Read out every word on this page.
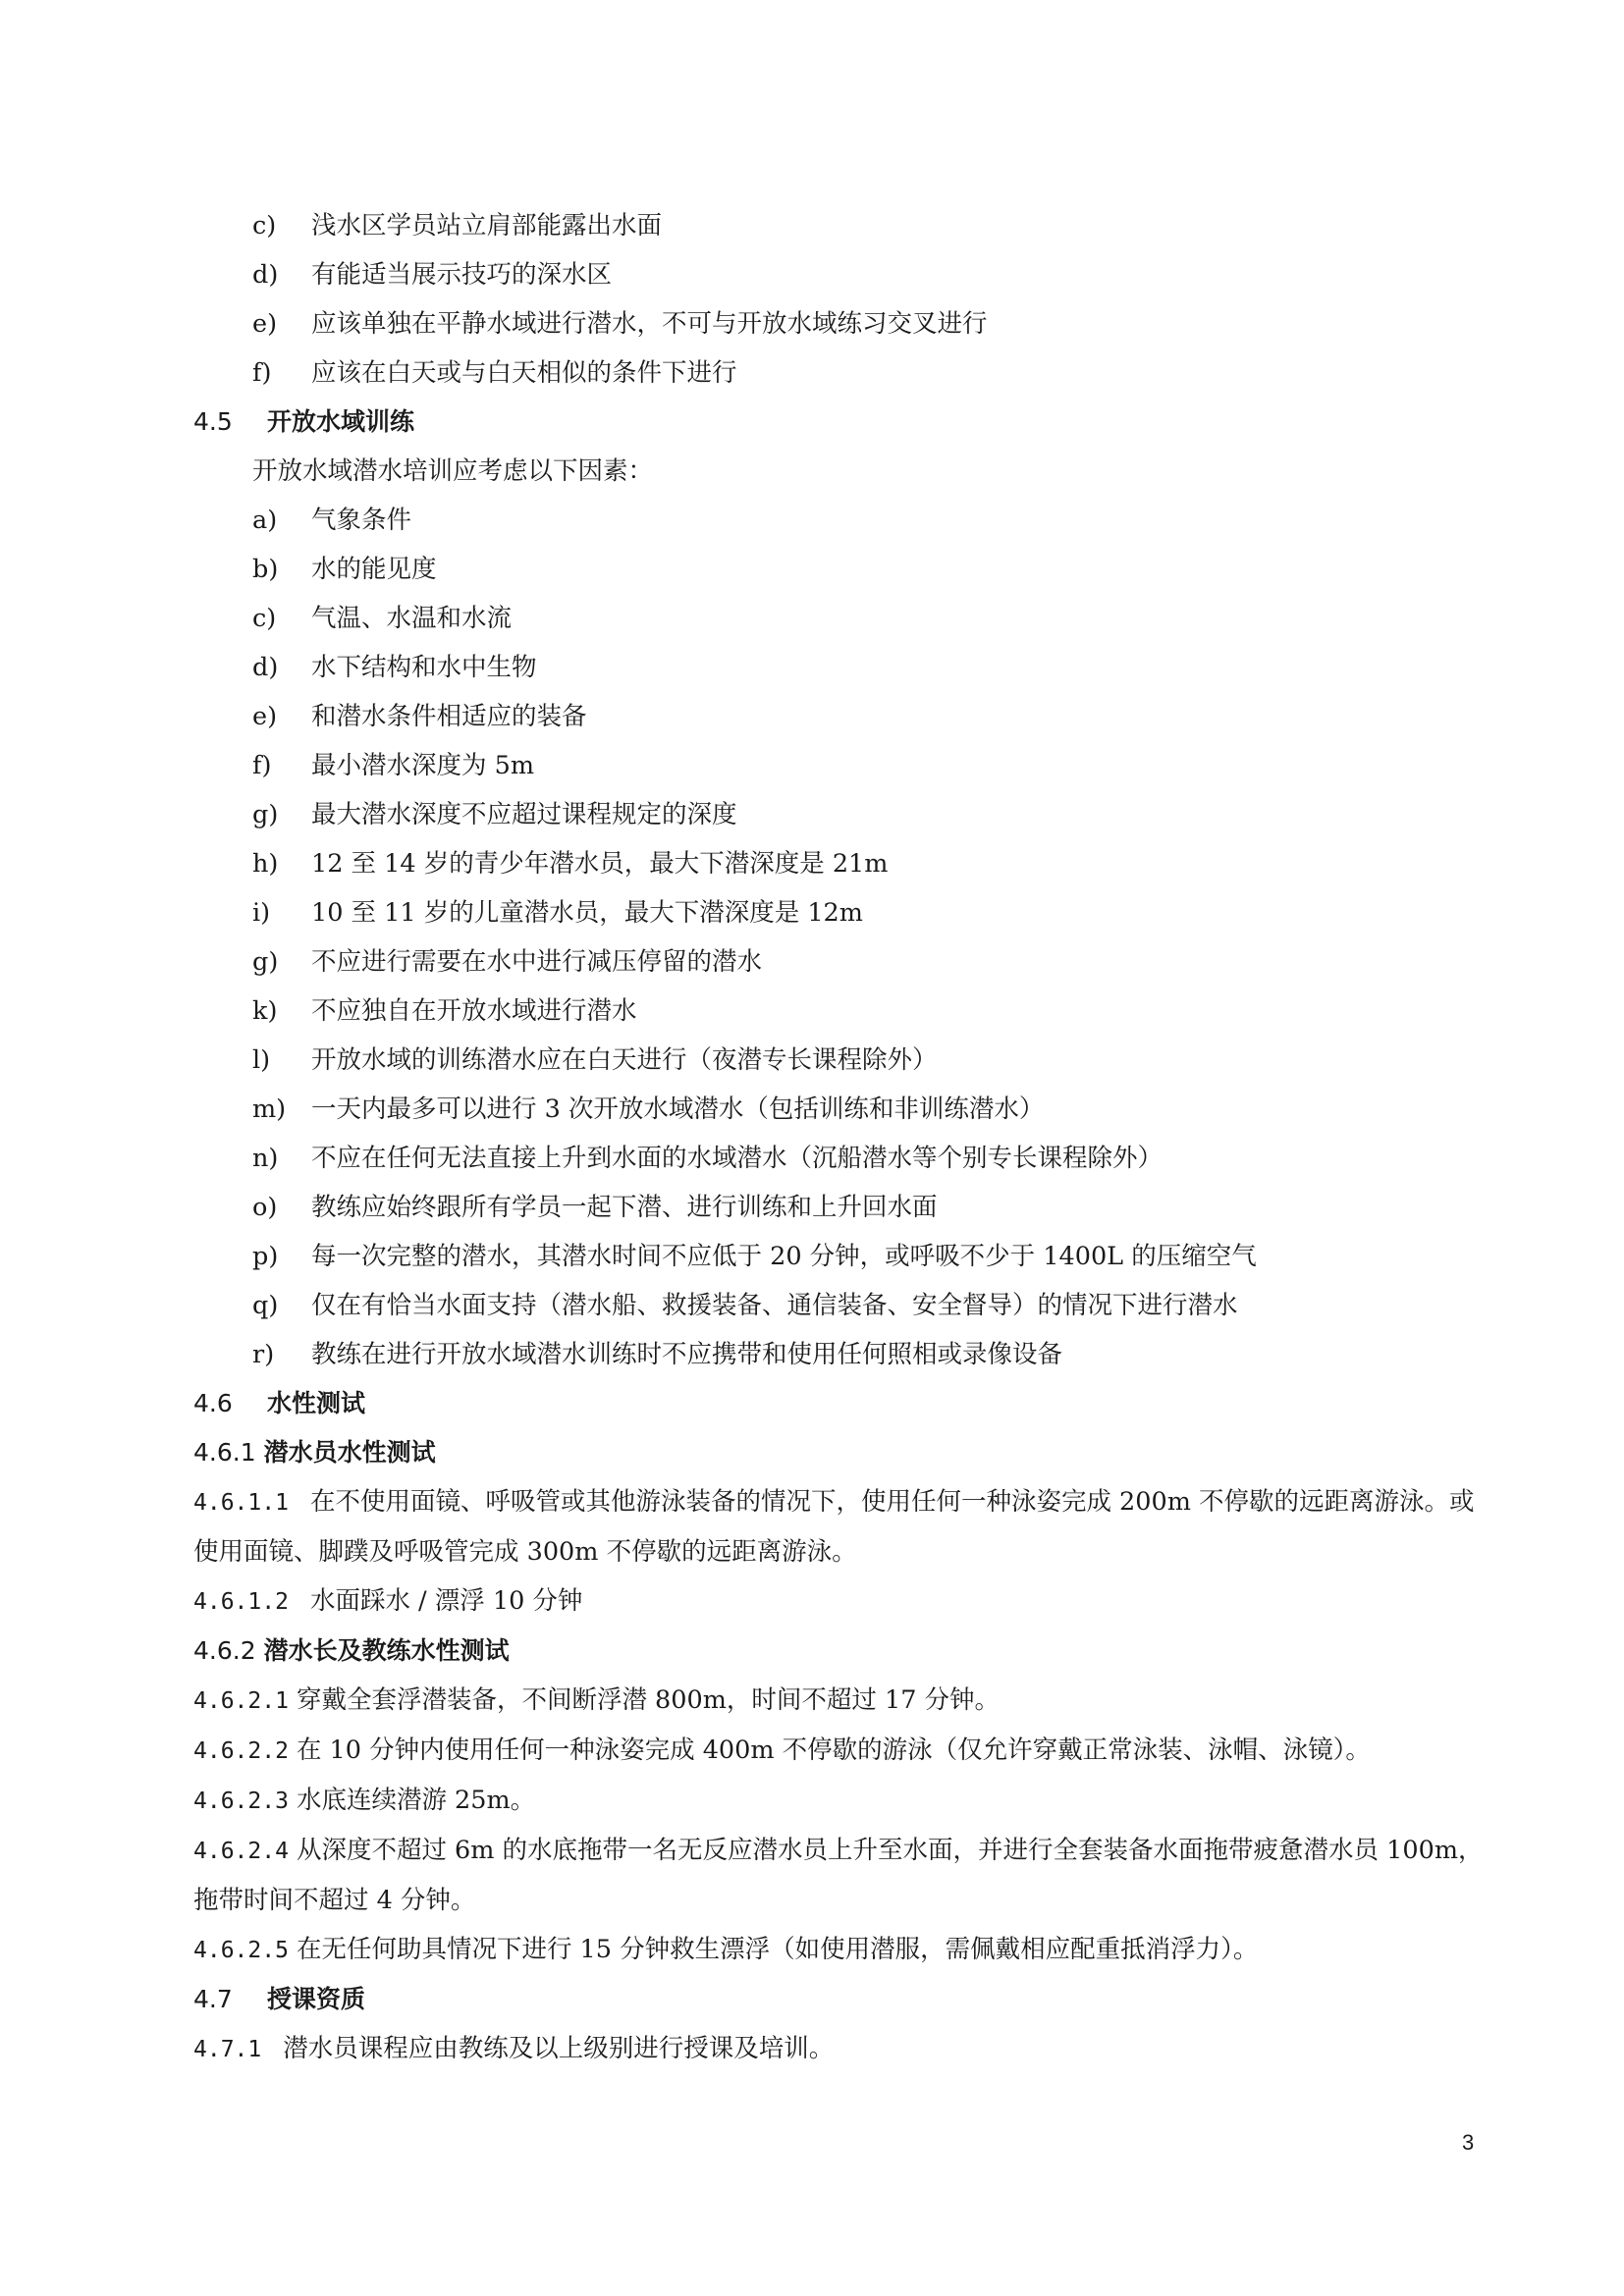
c)	浅水区学员站立肩部能露出水面
d)	有能适当展示技巧的深水区
e)	应该单独在平静水域进行潜水，不可与开放水域练习交叉进行
f)	应该在白天或与白天相似的条件下进行
4.5 开放水域训练
开放水域潜水培训应考虑以下因素：
a)	气象条件
b)	水的能见度
c)	气温、水温和水流
d)	水下结构和水中生物
e)	和潜水条件相适应的装备
f)	最小潜水深度为 5m
g)	最大潜水深度不应超过课程规定的深度
h)	12 至 14 岁的青少年潜水员，最大下潜深度是 21m
i)	10 至 11 岁的儿童潜水员，最大下潜深度是 12m
g)	不应进行需要在水中进行减压停留的潜水
k)	不应独自在开放水域进行潜水
l)	开放水域的训练潜水应在白天进行（夜潜专长课程除外）
m)	一天内最多可以进行 3 次开放水域潜水（包括训练和非训练潜水）
n)	不应在任何无法直接上升到水面的水域潜水（沉船潜水等个别专长课程除外）
o)	教练应始终跟所有学员一起下潜、进行训练和上升回水面
p)	每一次完整的潜水，其潜水时间不应低于 20 分钟，或呼吸不少于 1400L 的压缩空气
q)	仅在有恰当水面支持（潜水船、救援装备、通信装备、安全督导）的情况下进行潜水
r)	教练在进行开放水域潜水训练时不应携带和使用任何照相或录像设备
4.6 水性测试
4.6.1 潜水员水性测试
4.6.1.1 在不使用面镜、呼吸管或其他游泳装备的情况下，使用任何一种泳姿完成 200m 不停歇的远距离游泳。或使用面镜、脚蹼及呼吸管完成 300m 不停歇的远距离游泳。
4.6.1.2 水面踩水 / 漂浮 10 分钟
4.6.2 潜水长及教练水性测试
4.6.2.1 穿戴全套浮潜装备，不间断浮潜 800m，时间不超过 17 分钟。
4.6.2.2 在 10 分钟内使用任何一种泳姿完成 400m 不停歇的游泳（仅允许穿戴正常泳装、泳帽、泳镜）。
4.6.2.3 水底连续潜游 25m。
4.6.2.4 从深度不超过 6m 的水底拖带一名无反应潜水员上升至水面，并进行全套装备水面拖带疲惫潜水员 100m，拖带时间不超过 4 分钟。
4.6.2.5 在无任何助具情况下进行 15 分钟救生漂浮（如使用潜服，需佩戴相应配重抵消浮力）。
4.7 授课资质
4.7.1 潜水员课程应由教练及以上级别进行授课及培训。
3
